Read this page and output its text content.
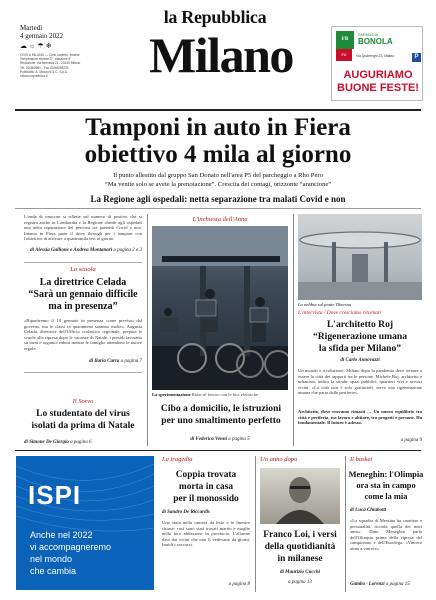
Martedì
4 gennaio 2022
☁☼☂❄
OGGI A MILANO — Cielo coperto, foschie
Temperature minime 3°, massime 9°
Redazione: via Nervesa 21 - 20139 Milano
Tel. 02/480981 - Fax 02/48098233
Pubblicità: A. Manzoni & C. S.p.A.
milano.repubblica.it
la Repubblica
Milano	FB
FARMACIA
BONOLA
Via Quarenghi 23, Milano	P
FA
AUGURIAMO
BUONE FESTE!
Tamponi in auto in Fiera
obiettivo 4 mila al giorno
Il punto allestito dal gruppo San Donato nell'area P5 del parcheggio a Rho Pero
“Ma venite solo se avete la prenotazione”. Crescita dei contagi, orizzonte “arancione”
La Regione agli ospedali: netta separazione tra malati Covid e non
L'onda di omicron si riflette sul numero di positivi che si registra anche in Lombardia e la Regione chiede agli ospedali una netta separazione dei percorsi tra pazienti Covid e non. Intanto in Fiera parte il drive through per i tamponi con l'obiettivo di arrivare a quattromila test al giorno.
di Alessia Gallione e Andrea Montanari a pagina 2 e 3
La scuola
La direttrice Celada
“Sarà un gennaio difficile
ma in presenza”
«Ripartiremo il 10 gennaio in presenza come previsto dal governo, ma le classi in quarantena saranno molte». Augusta Celada, direttrice dell'Ufficio scolastico regionale, prepara le scuole alla ripresa dopo le vacanze di Natale: i presidi lavorano su turni e organici ridotti mentre le famiglie attendono le nuove regole.
di Ilaria Carra a pagina 7
Il Sorvo
Lo studentato del virus
isolati da prima di Natale
di Simone De Giorgio a pagina 6
L'inchiesta dell'Anna
La sperimentazione Rider al lavoro con le bici elettriche
Cibo a domicilio, le istruzioni
per uno smaltimento perfetto
di Federica Venni a pagina 5
La nebbia sul ponte Tiberina
L'intervista / Dove cresciamo ritornati
L'architetto Roj
“Rigenerazione umana
la sfida per Milano”
di Carlo Annovazzi
Un mondo e rivoluzione. Milano dopo la pandemia deve tornare a essere la città dei rapporti tra le persone. Michele Roj, architetto e urbanista, indica la strada: spazi pubblici, quartieri vivi e servizi vicini. «La città non è solo grattacieli: serve una rigenerazione umana che parta dalle periferie».
Architetto, dove eravamo rimasti … Un nuovo equilibrio tra città e periferia, tra lavoro e abitare, tra progetti e persone. Ha fondamentale. Il futuro è adesso.
a pagina 9
ISPI
Anche nel 2022
vi accompagneremo
nel mondo
che cambia
La tragedia
Coppia trovata
morta in casa
per il monossido
di Sandro De Riccardis
Una stufa nella camera da letto e le finestre chiuse: così sono stati trovati marito e moglie nella loro abitazione in provincia. L'allarme dato dai vicini che non li vedevano da giorni. Inutili i soccorsi.
a pagina 8
Un anno dopo
Franco Loi, i versi
della quotidianità
in milanese
di Maurizio Cucchi
a pagina 13
Il basket
Meneghin: l'Olimpia
ora sta in campo
come la mia
di Luca Chiabotti
«La squadra di Messina ha carattere e personalità, ricorda quella dei miei anni». Dino Meneghin parla dell'Olimpia prima della ripresa del campionato e dell'Eurolega: «Vincere aiuta a vincere».
Gamba · Lorenzi a pagina 15
